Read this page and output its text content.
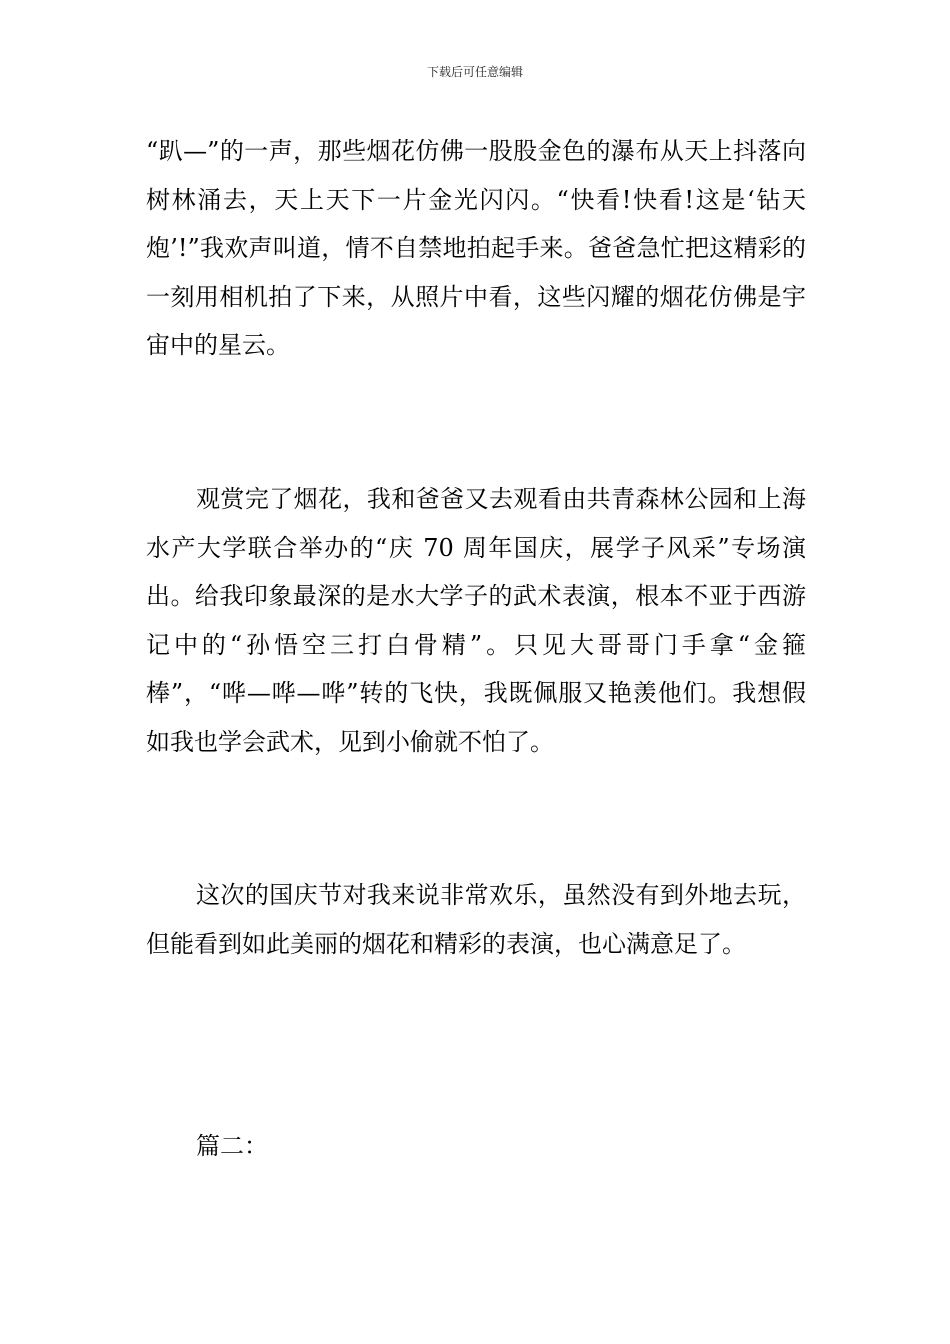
下载后可任意编辑

“趴—”的一声，那些烟花仿佛一股股金色的瀑布从天上抖落向树林涌去，天上天下一片金光闪闪。“快看!快看!这是‘钻天炮’!”我欢声叫道，情不自禁地拍起手来。爸爸急忙把这精彩的一刻用相机拍了下来，从照片中看，这些闪耀的烟花仿佛是宇宙中的星云。

观赏完了烟花，我和爸爸又去观看由共青森林公园和上海水产大学联合举办的“庆 70 周年国庆，展学子风采”专场演出。给我印象最深的是水大学子的武术表演，根本不亚于西游记中的“孙悟空三打白骨精”。只见大哥哥门手拿“金箍棒”，“哗—哗—哗”转的飞快，我既佩服又艳羡他们。我想假如我也学会武术，见到小偷就不怕了。

这次的国庆节对我来说非常欢乐，虽然没有到外地去玩，但能看到如此美丽的烟花和精彩的表演，也心满意足了。

篇二：
